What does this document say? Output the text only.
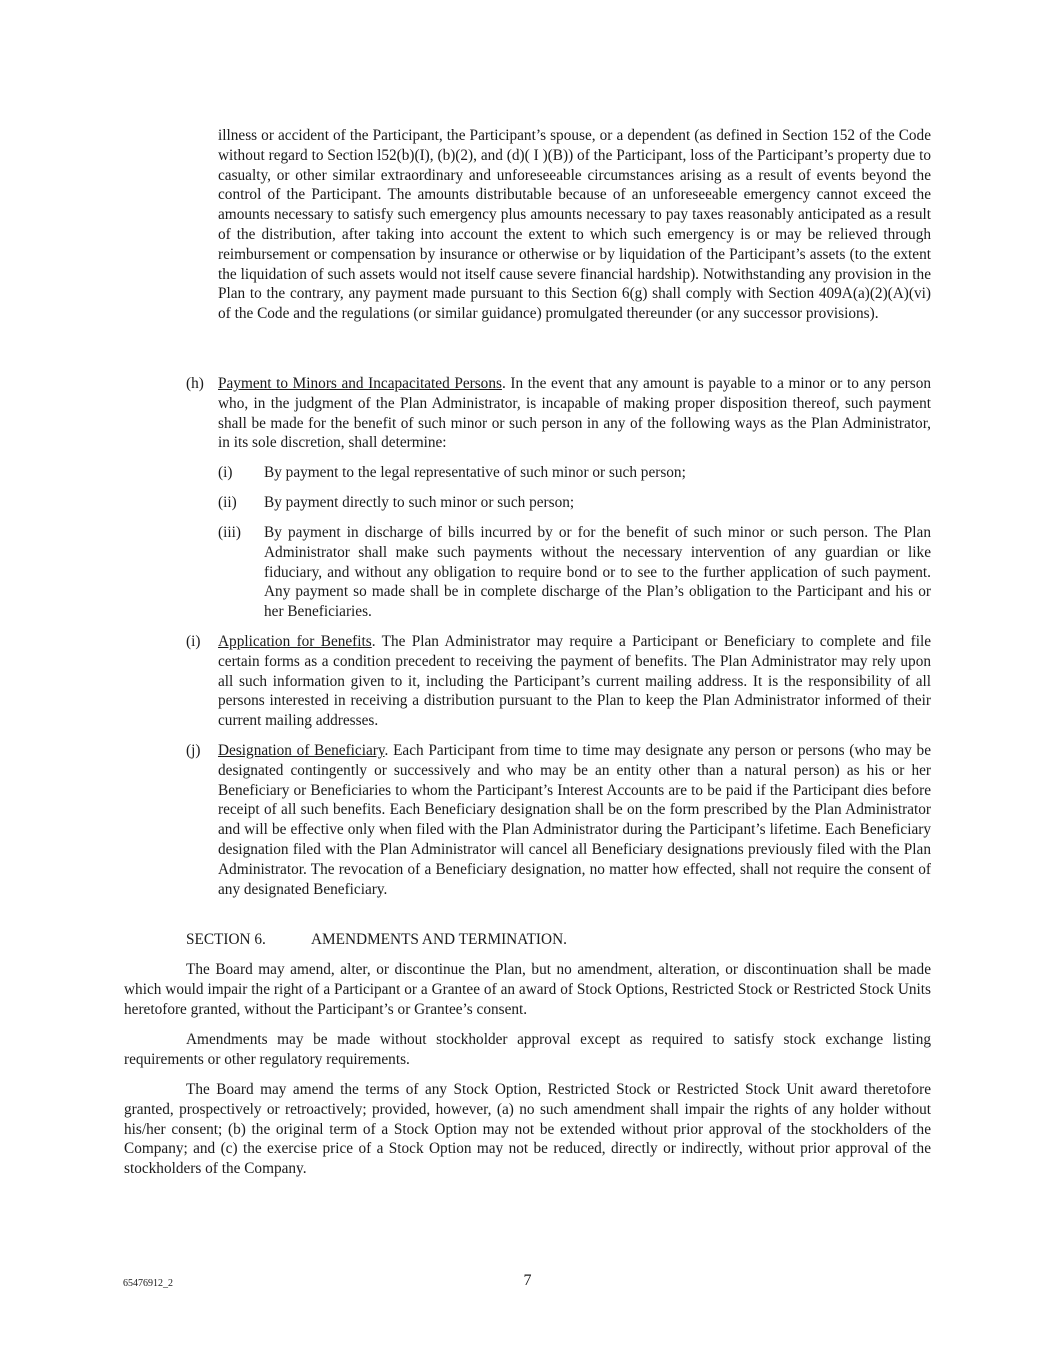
illness or accident of the Participant, the Participant’s spouse, or a dependent (as defined in Section 152 of the Code without regard to Section l52(b)(I), (b)(2), and (d)( I )(B)) of the Participant, loss of the Participant’s property due to casualty, or other similar extraordinary and unforeseeable circumstances arising as a result of events beyond the control of the Participant. The amounts distributable because of an unforeseeable emergency cannot exceed the amounts necessary to satisfy such emergency plus amounts necessary to pay taxes reasonably anticipated as a result of the distribution, after taking into account the extent to which such emergency is or may be relieved through reimbursement or compensation by insurance or otherwise or by liquidation of the Participant’s assets (to the extent the liquidation of such assets would not itself cause severe financial hardship). Notwithstanding any provision in the Plan to the contrary, any payment made pursuant to this Section 6(g) shall comply with Section 409A(a)(2)(A)(vi) of the Code and the regulations (or similar guidance) promulgated thereunder (or any successor provisions).

(h) Payment to Minors and Incapacitated Persons. In the event that any amount is payable to a minor or to any person who, in the judgment of the Plan Administrator, is incapable of making proper disposition thereof, such payment shall be made for the benefit of such minor or such person in any of the following ways as the Plan Administrator, in its sole discretion, shall determine:

(i) By payment to the legal representative of such minor or such person;

(ii) By payment directly to such minor or such person;

(iii) By payment in discharge of bills incurred by or for the benefit of such minor or such person. The Plan Administrator shall make such payments without the necessary intervention of any guardian or like fiduciary, and without any obligation to require bond or to see to the further application of such payment. Any payment so made shall be in complete discharge of the Plan’s obligation to the Participant and his or her Beneficiaries.

(i) Application for Benefits. The Plan Administrator may require a Participant or Beneficiary to complete and file certain forms as a condition precedent to receiving the payment of benefits. The Plan Administrator may rely upon all such information given to it, including the Participant’s current mailing address. It is the responsibility of all persons interested in receiving a distribution pursuant to the Plan to keep the Plan Administrator informed of their current mailing addresses.

(j) Designation of Beneficiary. Each Participant from time to time may designate any person or persons (who may be designated contingently or successively and who may be an entity other than a natural person) as his or her Beneficiary or Beneficiaries to whom the Participant’s Interest Accounts are to be paid if the Participant dies before receipt of all such benefits. Each Beneficiary designation shall be on the form prescribed by the Plan Administrator and will be effective only when filed with the Plan Administrator during the Participant’s lifetime. Each Beneficiary designation filed with the Plan Administrator will cancel all Beneficiary designations previously filed with the Plan Administrator. The revocation of a Beneficiary designation, no matter how effected, shall not require the consent of any designated Beneficiary.

SECTION 6.	AMENDMENTS AND TERMINATION.

The Board may amend, alter, or discontinue the Plan, but no amendment, alteration, or discontinuation shall be made which would impair the right of a Participant or a Grantee of an award of Stock Options, Restricted Stock or Restricted Stock Units heretofore granted, without the Participant’s or Grantee’s consent.

Amendments may be made without stockholder approval except as required to satisfy stock exchange listing requirements or other regulatory requirements.

The Board may amend the terms of any Stock Option, Restricted Stock or Restricted Stock Unit award theretofore granted, prospectively or retroactively; provided, however, (a) no such amendment shall impair the rights of any holder without his/her consent; (b) the original term of a Stock Option may not be extended without prior approval of the stockholders of the Company; and (c) the exercise price of a Stock Option may not be reduced, directly or indirectly, without prior approval of the stockholders of the Company.

65476912_2	7
